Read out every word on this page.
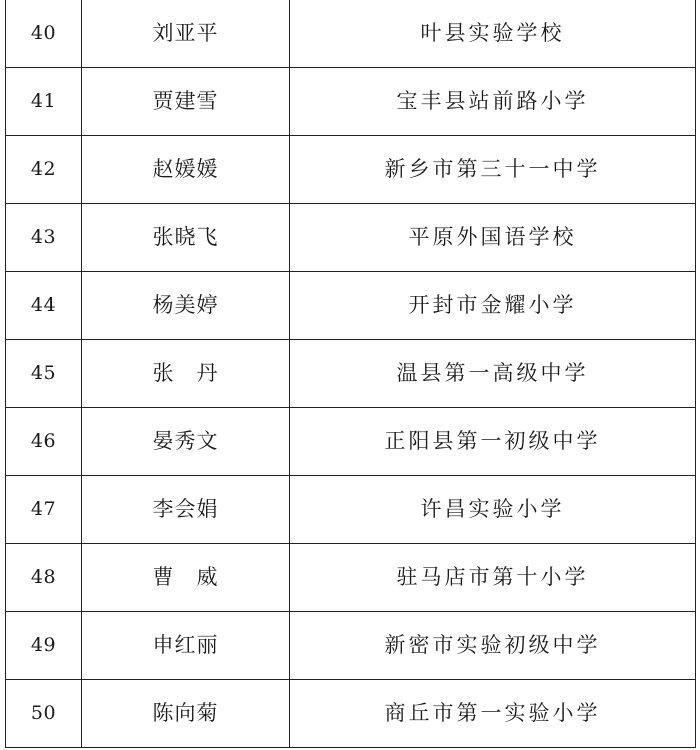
40	刘亚平	叶县实验学校
41	贾建雪	宝丰县站前路小学
42	赵媛媛	新乡市第三十一中学
43	张晓飞	平原外国语学校
44	杨美婷	开封市金耀小学
45	张　丹	温县第一高级中学
46	晏秀文	正阳县第一初级中学
47	李会娟	许昌实验小学
48	曹　威	驻马店市第十小学
49	申红丽	新密市实验初级中学
50	陈向菊	商丘市第一实验小学
